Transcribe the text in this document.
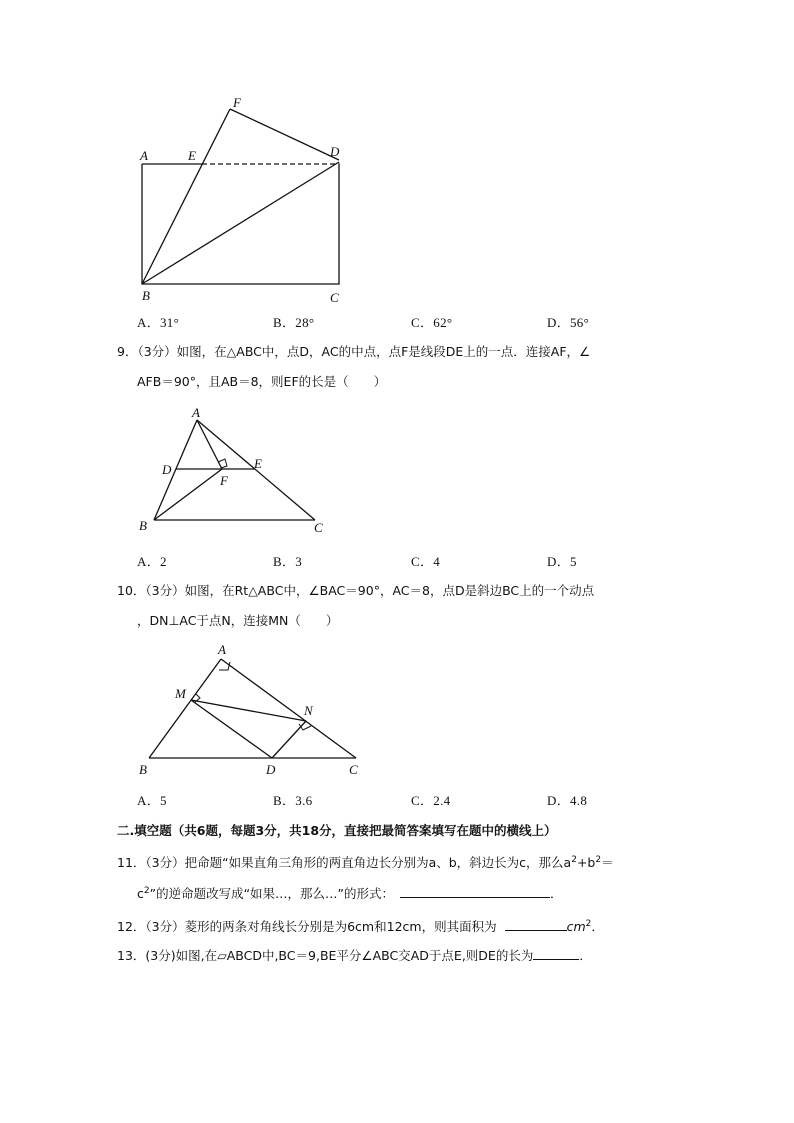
F
A	E	D
B	C
A．31°	B．28°	C．62°	D．56°
9．（3分）如图，在△ABC中，点D，AC的中点，点F是线段DE上的一点．连接AF，∠
AFB＝90°，且AB＝8，则EF的长是（　　）
A
D	E
F
B	C
A．2	B．3	C．4	D．5
10．（3分）如图，在Rt△ABC中，∠BAC＝90°，AC＝8，点D是斜边BC上的一个动点
，DN⊥AC于点N，连接MN（　　）
A
M
N
B	D	C
A．5	B．3.6	C．2.4	D．4.8
二.填空题（共6题，每题3分，共18分，直接把最简答案填写在题中的横线上）
11．（3分）把命题“如果直角三角形的两直角边长分别为a、b，斜边长为c，那么$a^2+b^2=$
$c^2$”的逆命题改写成“如果…，那么…”的形式：	．
12．（3分）菱形的两条对角线长分别是为6cm和12cm，则其面积为	$cm^2$．
13．(3分)如图,在▱ABCD中,BC＝9,BE平分∠ABC交AD于点E,则DE的长为	．
